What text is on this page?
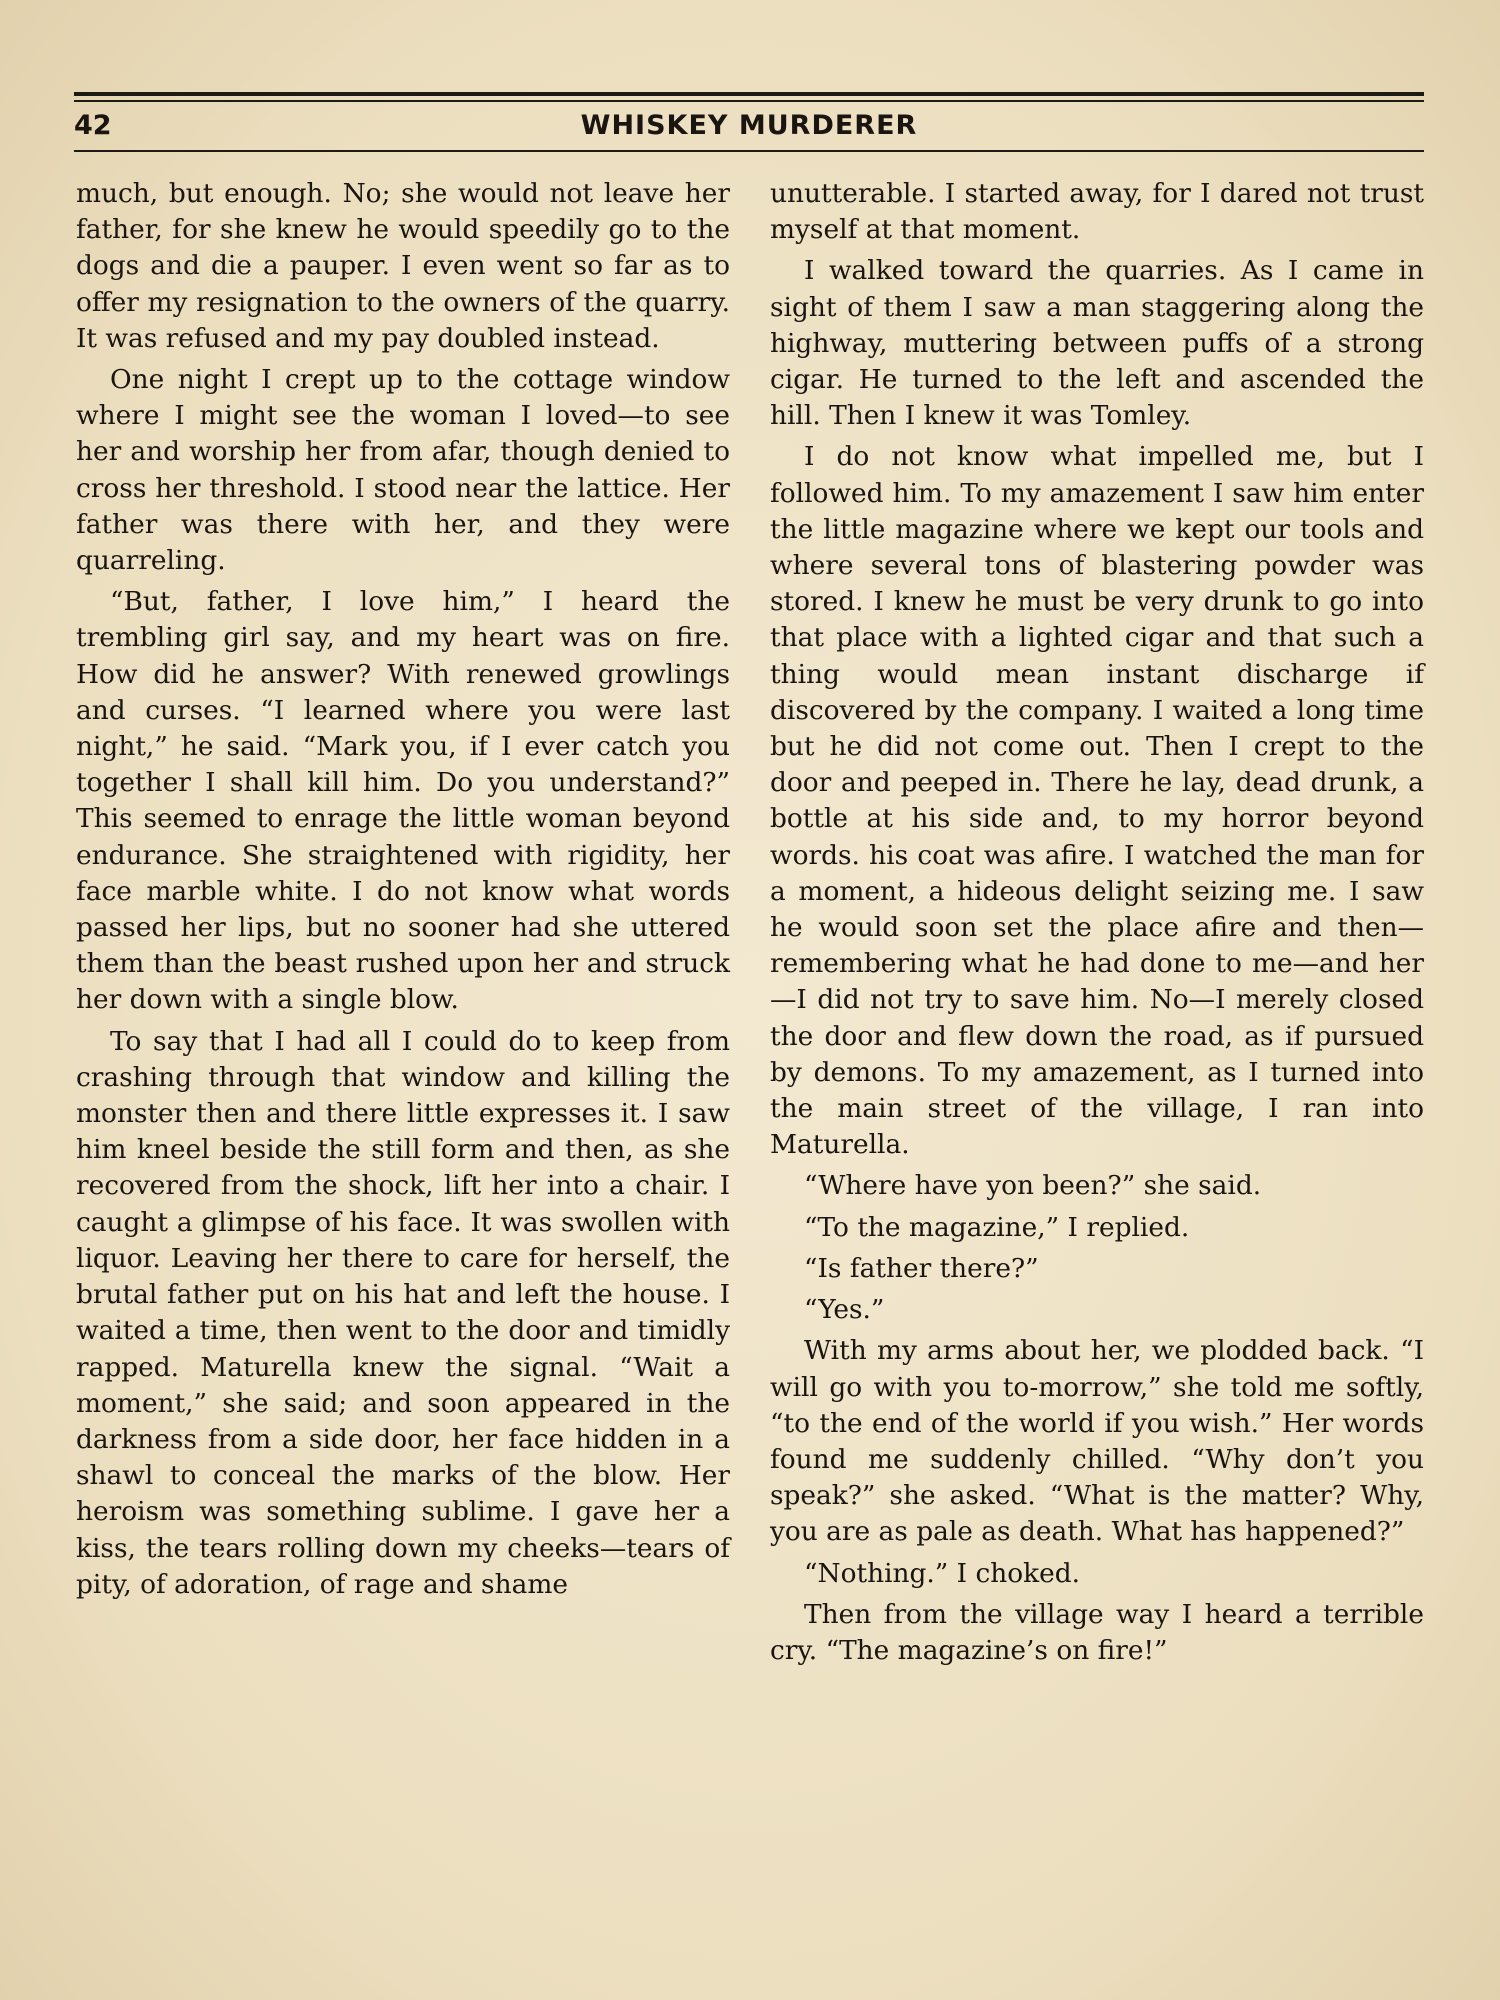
42	WHISKEY MURDERER

much, but enough. No; she would not leave her father, for she knew he would speedily go to the dogs and die a pauper. I even went so far as to offer my resignation to the owners of the quarry. It was refused and my pay doubled instead.

One night I crept up to the cottage window where I might see the woman I loved—to see her and worship her from afar, though denied to cross her threshold. I stood near the lattice. Her father was there with her, and they were quarreling.

“But, father, I love him,” I heard the trembling girl say, and my heart was on fire. How did he answer? With renewed growlings and curses. “I learned where you were last night,” he said. “Mark you, if I ever catch you together I shall kill him. Do you understand?” This seemed to enrage the little woman beyond endurance. She straightened with rigidity, her face marble white. I do not know what words passed her lips, but no sooner had she uttered them than the beast rushed upon her and struck her down with a single blow.

To say that I had all I could do to keep from crashing through that window and killing the monster then and there little expresses it. I saw him kneel beside the still form and then, as she recovered from the shock, lift her into a chair. I caught a glimpse of his face. It was swollen with liquor. Leaving her there to care for herself, the brutal father put on his hat and left the house. I waited a time, then went to the door and timidly rapped. Maturella knew the signal. “Wait a moment,” she said; and soon appeared in the darkness from a side door, her face hidden in a shawl to conceal the marks of the blow. Her heroism was something sublime. I gave her a kiss, the tears rolling down my cheeks—tears of pity, of adoration, of rage and shame

unutterable. I started away, for I dared not trust myself at that moment.

I walked toward the quarries. As I came in sight of them I saw a man staggering along the highway, muttering between puffs of a strong cigar. He turned to the left and ascended the hill. Then I knew it was Tomley.

I do not know what impelled me, but I followed him. To my amazement I saw him enter the little magazine where we kept our tools and where several tons of blastering powder was stored. I knew he must be very drunk to go into that place with a lighted cigar and that such a thing would mean instant discharge if discovered by the company. I waited a long time but he did not come out. Then I crept to the door and peeped in. There he lay, dead drunk, a bottle at his side and, to my horror beyond words. his coat was afire. I watched the man for a moment, a hideous delight seizing me. I saw he would soon set the place afire and then—remembering what he had done to me—and her—I did not try to save him. No—I merely closed the door and flew down the road, as if pursued by demons. To my amazement, as I turned into the main street of the village, I ran into Maturella.

“Where have yon been?” she said.

“To the magazine,” I replied.

“Is father there?”

“Yes.”

With my arms about her, we plodded back. “I will go with you to-morrow,” she told me softly, “to the end of the world if you wish.” Her words found me suddenly chilled. “Why don’t you speak?” she asked. “What is the matter? Why, you are as pale as death. What has happened?”

“Nothing.” I choked.

Then from the village way I heard a terrible cry. “The magazine’s on fire!”
